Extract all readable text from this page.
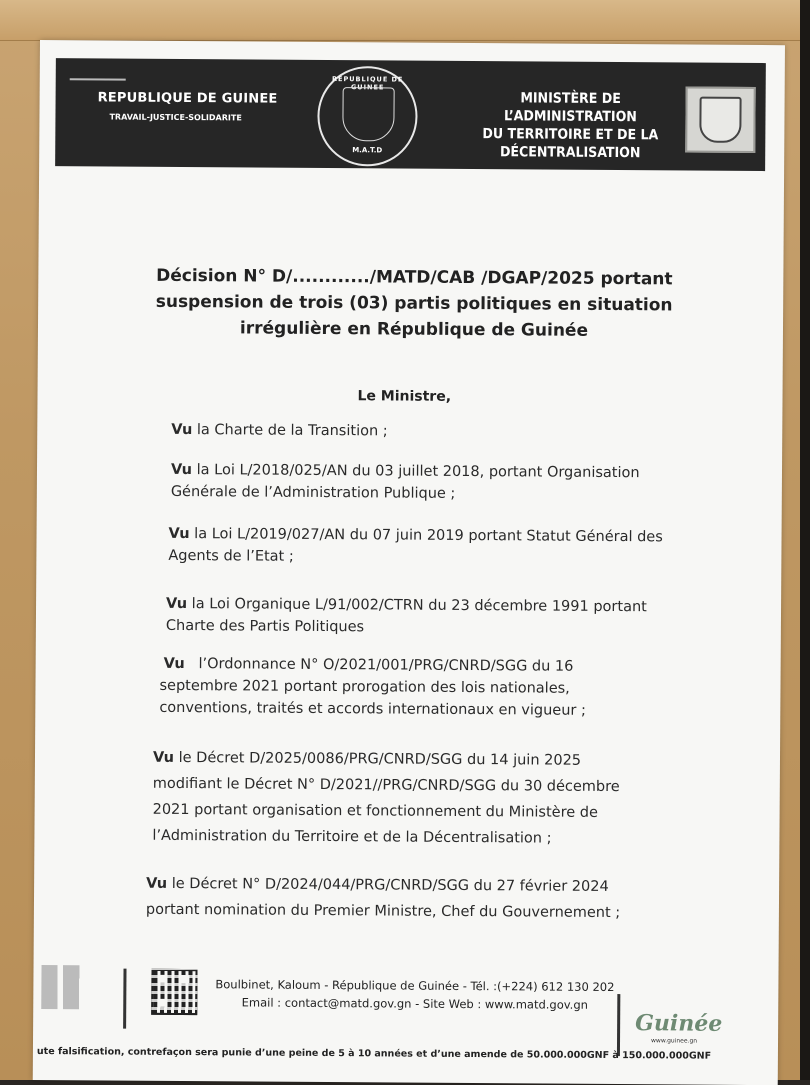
REPUBLIQUE DE GUINEE
TRAVAIL-JUSTICE-SOLIDARITE
REPUBLIQUE DE GUINEE
M.A.T.D
MINISTÈRE DE L’ADMINISTRATION
DU TERRITOIRE ET DE LA
DÉCENTRALISATION
Décision N° D/............/MATD/CAB /DGAP/2025 portant
suspension de trois (03) partis politiques en situation
irrégulière en République de Guinée
Le Ministre,
Vu la Charte de la Transition ;
Vu la Loi L/2018/025/AN du 03 juillet 2018, portant Organisation
Générale de l’Administration Publique ;
Vu la Loi L/2019/027/AN du 07 juin 2019 portant Statut Général des
Agents de l’Etat ;
Vu la Loi Organique L/91/002/CTRN du 23 décembre 1991 portant
Charte des Partis Politiques
Vu l’Ordonnance N° O/2021/001/PRG/CNRD/SGG du 16
septembre 2021 portant prorogation des lois nationales,
conventions, traités et accords internationaux en vigueur ;
Vu le Décret D/2025/0086/PRG/CNRD/SGG du 14 juin 2025
modifiant le Décret N° D/2021//PRG/CNRD/SGG du 30 décembre
2021 portant organisation et fonctionnement du Ministère de
l’Administration du Territoire et de la Décentralisation ;
Vu le Décret N° D/2024/044/PRG/CNRD/SGG du 27 février 2024
portant nomination du Premier Ministre, Chef du Gouvernement ;
Boulbinet, Kaloum - République de Guinée - Tél. :(+224) 612 130 202
Email : contact@matd.gov.gn - Site Web : www.matd.gov.gn
Guinée
www.guinee.gn
ute falsification, contrefaçon sera punie d’une peine de 5 à 10 années et d’une amende de 50.000.000GNF à 150.000.000GNF
